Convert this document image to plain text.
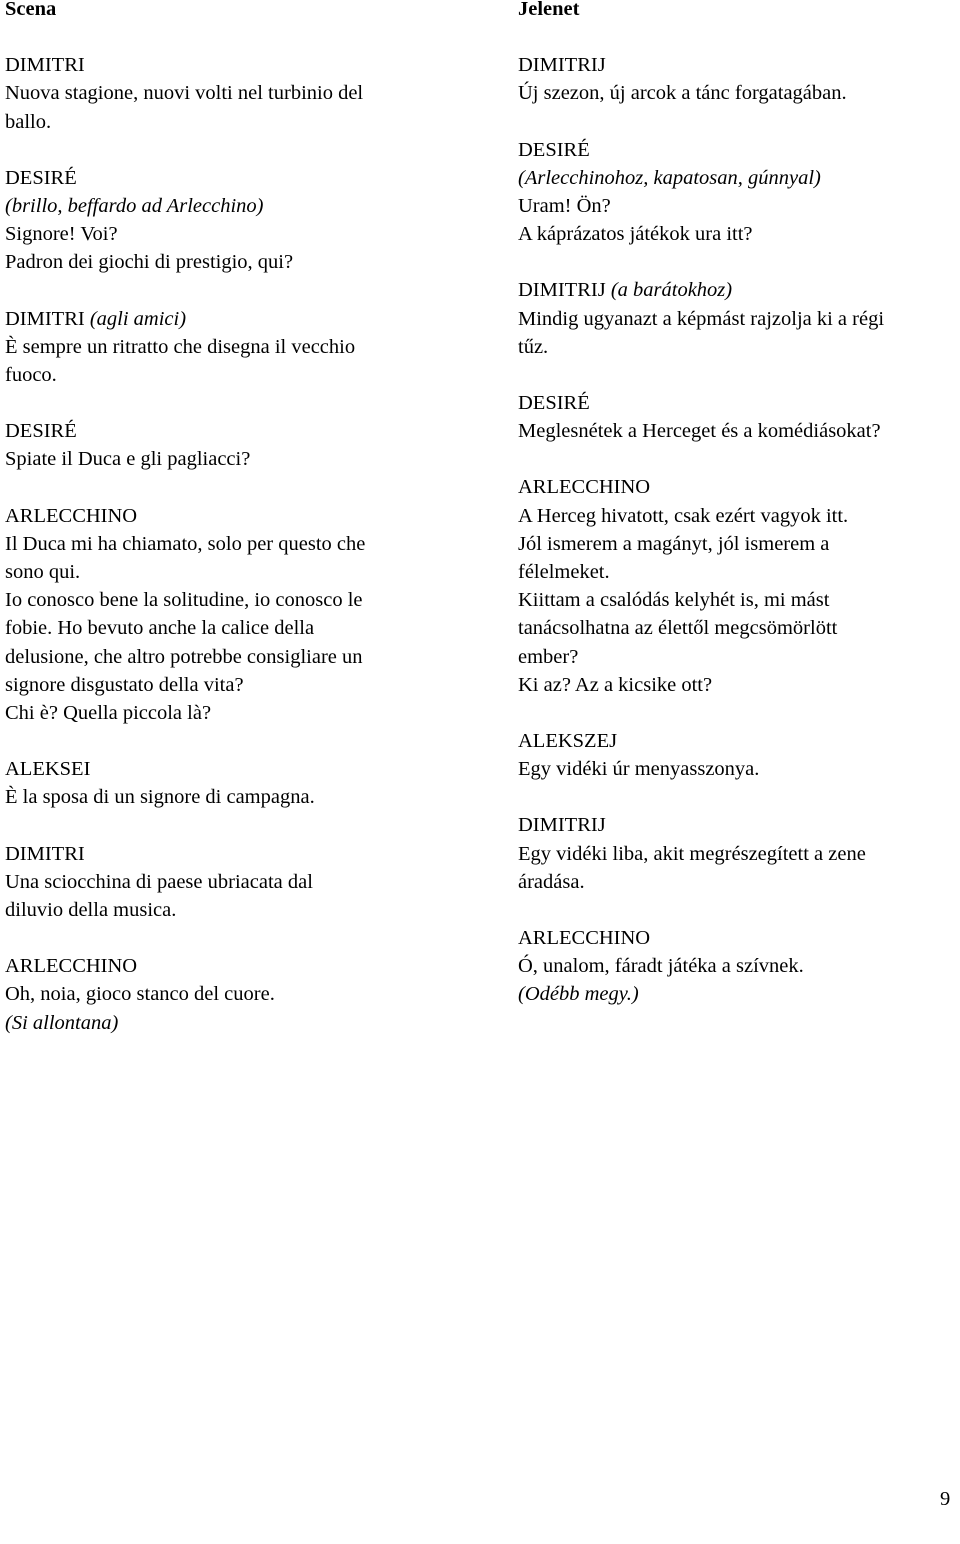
Scena
DIMITRI
Nuova stagione, nuovi volti nel turbinio del
ballo.
DESIRÉ
(brillo, beffardo ad Arlecchino)
Signore! Voi?
Padron dei giochi di prestigio, qui?
DIMITRI (agli amici)
È sempre un ritratto che disegna il vecchio
fuoco.
DESIRÉ
Spiate il Duca e gli pagliacci?
ARLECCHINO
Il Duca mi ha chiamato, solo per questo che
sono qui.
Io conosco bene la solitudine, io conosco le
fobie. Ho bevuto anche la calice della
delusione, che altro potrebbe consigliare un
signore disgustato della vita?
Chi è? Quella piccola là?
ALEKSEI
È la sposa di un signore di campagna.
DIMITRI
Una sciocchina di paese ubriacata dal
diluvio della musica.
ARLECCHINO
Oh, noia, gioco stanco del cuore.
(Si allontana)
Jelenet
DIMITRIJ
Új szezon, új arcok a tánc forgatagában.
DESIRÉ
(Arlecchinohoz, kapatosan, gúnnyal)
Uram! Ön?
A káprázatos játékok ura itt?
DIMITRIJ (a barátokhoz)
Mindig ugyanazt a képmást rajzolja ki a régi
tűz.
DESIRÉ
Meglesnétek a Herceget és a komédiásokat?
ARLECCHINO
A Herceg hivatott, csak ezért vagyok itt.
Jól ismerem a magányt, jól ismerem a
félelmeket.
Kiittam a csalódás kelyhét is, mi mást
tanácsolhatna az élettől megcsömörlött
ember?
Ki az? Az a kicsike ott?
ALEKSZEJ
Egy vidéki úr menyasszonya.
DIMITRIJ
Egy vidéki liba, akit megrészegített a zene
áradása.
ARLECCHINO
Ó, unalom, fáradt játéka a szívnek.
(Odébb megy.)
9
